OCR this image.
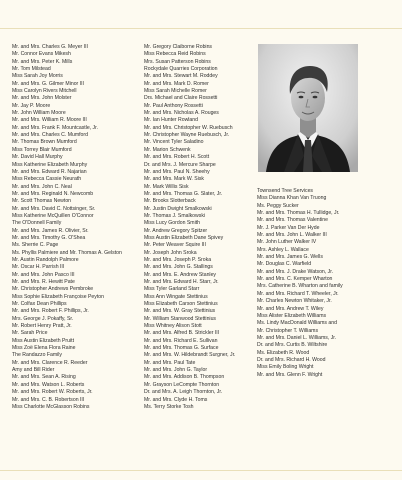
Mr. and Mrs. Charles G. Meyer III
Mr. Connor Evans Mikesh
Mr. and Mrs. Peter K. Mills
Mr. Tom Milstead
Miss Sarah Joy Morris
Mr. and Mrs. G. Gilmer Minor III
Miss Carolyn Rivers Mitchell
Mr. and Mrs. John Molster
Mr. Jay P. Moore
Mr. John William Moore
Mr. and Mrs. William R. Moore III
Mr. and Mrs. Frank F. Mountcastle, Jr.
Mr. and Mrs. Charles C. Mumford
Mr. Thomas Brown Mumford
Miss Torrey Blair Mumford
Mr. David Hall Murphy
Miss Katherine Elizabeth Murphy
Mr. and Mrs. Edward R. Najarian
Miss Rebecca Cassie Neurath
Mr. and Mrs. John C. Neal
Mr. and Mrs. Reginald N. Newcomb
Mr. Scott Thomas Newton
Mr. and Mrs. David C. Nottsinger, Sr.
Miss Katherine McQuillen O'Connor
The O'Donnell Family
Mr. and Mrs. James R. Olivier, Sr.
Mr. and Mrs. Timothy G. O'Shea
Ms. Sherrie C. Page
Ms. Phyllis Palmiere and Mr. Thomas A. Gelston
Mr. Austin Randolph Palmore
Mr. Oscar H. Parrish III
Mr. and Mrs. John Pasco III
Mr. and Mrs. R. Hewitt Pate
Mr. Christopher Andrews Pembroke
Miss Sophie Elizabeth Françoise Peyton
Mr. Colfax Dean Phillips
Mr. and Mrs. Robert F. Phillips, Jr.
Mrs. George J. Pokaffy, Sr.
Mr. Robert Henry Pratt, Jr.
Mr. Sarah Price
Miss Austin Elizabeth Pruitt
Miss Zoë Elena Flora Raine
The Randazzo Family
Mr. and Mrs. Clarence R. Reeder
Amy and Bill Rider
Mr. and Mrs. Sean A. Rising
Mr. and Mrs. Watson L. Roberts
Mr. and Mrs. Robert W. Roberts, Jr.
Mr. and Mrs. C. B. Robertson III
Miss Charlotte McGlasson Robins
Mr. Gregory Claiborne Robins
Miss Rebecca Reid Robins
Mrs. Susan Patterson Robins
Rockydale Quarries Corporation
Mr. and Mrs. Stewart M. Roddey
Mr. and Mrs. Mark D. Romer
Miss Sarah Michelle Romer
Drs. Michael and Claire Rossetti
Mr. Paul Anthony Rossetti
Mr. and Mrs. Nicholas A. Rouges
Mr. Ian Hunter Rowland
Mr. and Mrs. Christopher W. Ruebusch
Mr. Christopher Wayne Ruebusch, Jr.
Mr. Vincent Tyler Saladino
Mr. Marion Schwenk
Mr. and Mrs. Robert H. Scott
Dr. and Mrs. J. Mercure Sharpe
Mr. and Mrs. Paul N. Sheehy
Mr. and Mrs. Mark W. Sisk
Mr. Mark Willis Sisk
Mr. and Mrs. Thomas G. Slater, Jr.
Mr. Brooks Slotterback
Mr. Justin Dwight Smalkowski
Mr. Thomas J. Smalkowski
Miss Lucy Gordon Smith
Mr. Andrew Gregory Spitzer
Miss Austin Elizabeth Dane Spivey
Mr. Peter Weaver Squire III
Mr. Joseph John Sroka
Mr. and Mrs. Joseph P. Sroka
Mr. and Mrs. John G. Stallings
Mr. and Mrs. E. Andrew Stanley
Mr. and Mrs. Edward H. Starr, Jr.
Miss Tyler Garland Starr
Miss Ann Wingate Stettinius
Miss Elizabeth Carson Stettinius
Mr. and Mrs. W. Gray Stettinius
Mr. William Stanwood Stettinius
Miss Whitney Alison Stott
Mr. and Mrs. Alfred B. Strickler III
Mr. and Mrs. Richard E. Sullivan
Mr. and Mrs. Thomas G. Surface
Mr. and Mrs. W. Hildebrandt Surgner, Jr.
Mr. and Mrs. Paul Tate
Mr. and Mrs. John G. Taylor
Mr. and Mrs. Addison B. Thompson
Mr. Grayson LeCompte Thornton
Dr. and Mrs. A. Leigh Thornton, Jr.
Mr. and Mrs. Clyde H. Toms
Ms. Terry Storke Tosh
Townsend Tree Services
Miss Dianna Khan Van Truong
Ms. Peggy Sucker
Mr. and Mrs. Thomas H. Tullidge, Jr.
Mr. and Mrs. Thomas Valentine
Mr. J. Parker Van Der Hyde
Mr. and Mrs. John L. Walker III
Mr. John Luther Walker IV
Mrs. Ashley L. Wallace
Mr. and Mrs. James G. Wells
Mr. Douglas C. Warfield
Mr. and Mrs. J. Drake Watson, Jr.
Mr. and Mrs. C. Kemper Wharton
Mrs. Catherine B. Wharton and family
Mr. and Mrs. Richard T. Wheeler, Jr.
Mr. Charles Newton Whitaker, Jr.
Mr. and Mrs. Andrew T. Wiley
Miss Alister Elizabeth Williams
Ms. Lindy MacDonald Williams and
Mr. Christopher T. Williams
Mr. and Mrs. Daniel L. Williams, Jr.
Dr. and Mrs. Curtis B. Wiltshire
Ms. Elizabeth R. Wood
Dr. and Mrs. Richard H. Wood
Miss Emily Boling Wright
Mr. and Mrs. Glenn F. Wright
